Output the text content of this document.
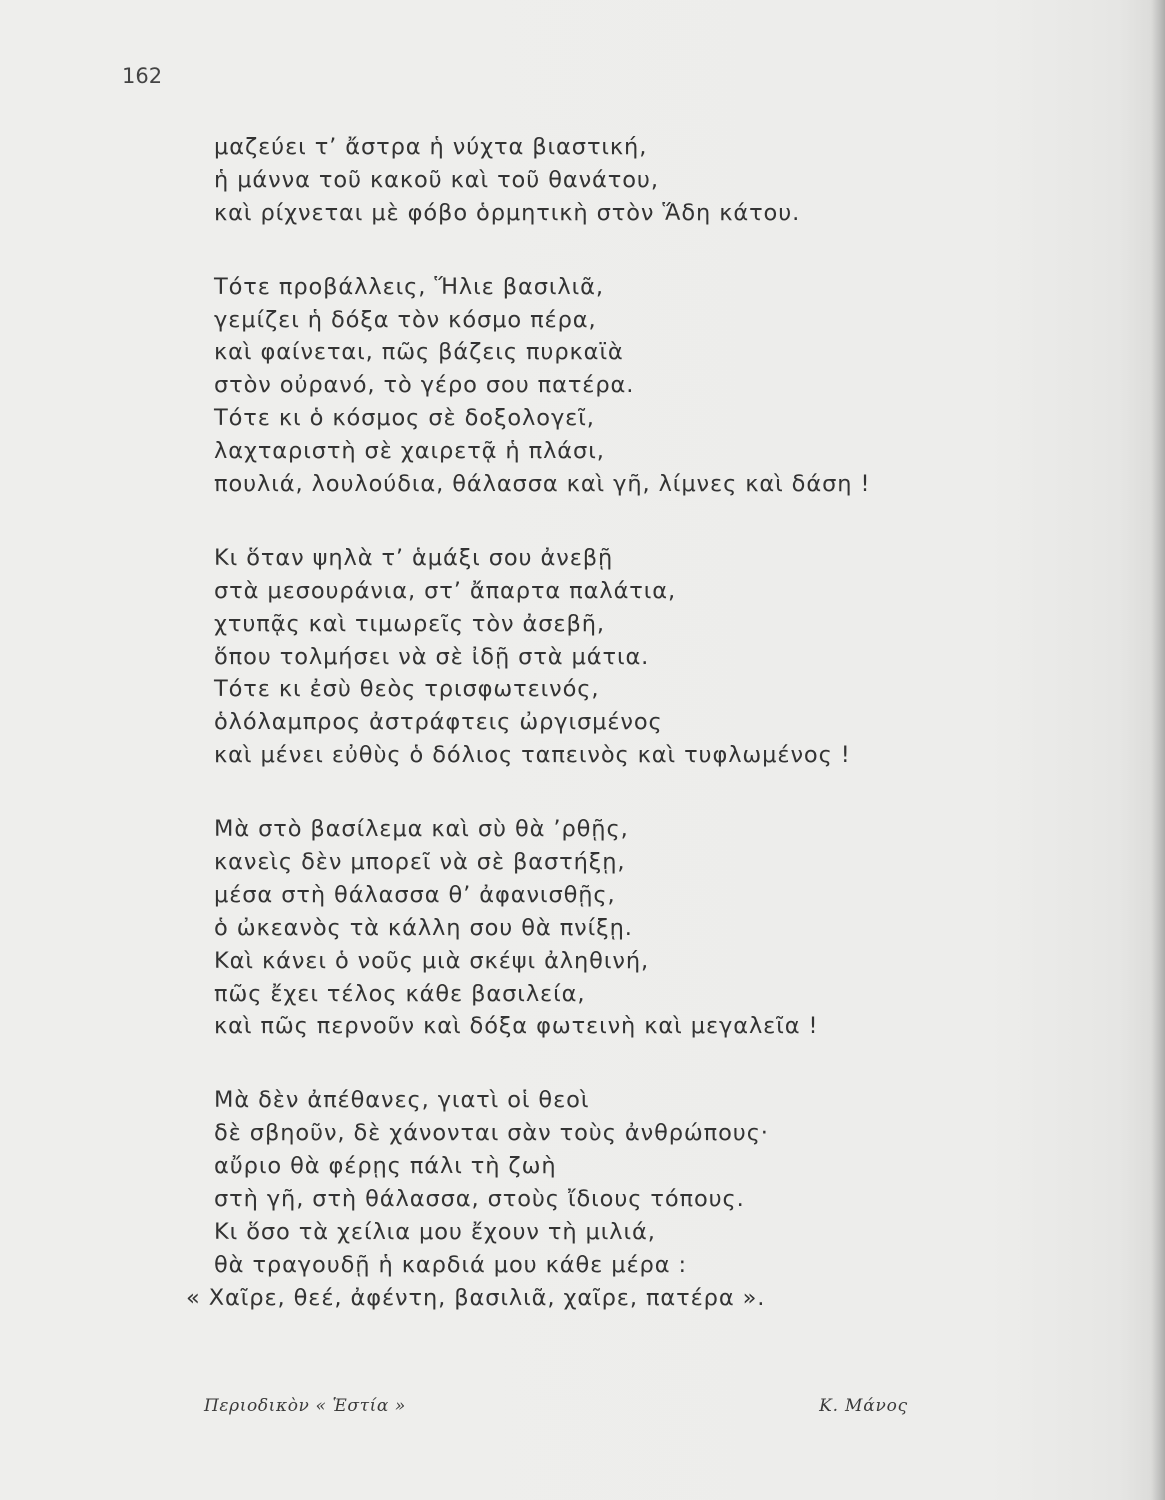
162
μαζεύει τ’ ἄστρα ἡ νύχτα βιαστική,
ἡ μάννα τοῦ κακοῦ καὶ τοῦ θανάτου,
καὶ ρίχνεται μὲ φόβο ὁρμητικὴ στὸν Ἅδη κάτου.
Τότε προβάλλεις, Ἥλιε βασιλιᾶ,
γεμίζει ἡ δόξα τὸν κόσμο πέρα,
καὶ φαίνεται, πῶς βάζεις πυρκαϊὰ
στὸν οὐρανό, τὸ γέρο σου πατέρα.
Τότε κι ὁ κόσμος σὲ δοξολογεῖ,
λαχταριστὴ σὲ χαιρετᾷ ἡ πλάσι,
πουλιά, λουλούδια, θάλασσα καὶ γῆ, λίμνες καὶ δάση !
Κι ὅταν ψηλὰ τ’ ἁμάξι σου ἀνεβῇ
στὰ μεσουράνια, στ’ ἄπαρτα παλάτια,
χτυπᾷς καὶ τιμωρεῖς τὸν ἀσεβῆ,
ὅπου τολμήσει νὰ σὲ ἰδῇ στὰ μάτια.
Τότε κι ἐσὺ θεὸς τρισφωτεινός,
ὁλόλαμπρος ἀστράφτεις ὠργισμένος
καὶ μένει εὐθὺς ὁ δόλιος ταπεινὸς καὶ τυφλωμένος !
Μὰ στὸ βασίλεμα καὶ σὺ θὰ ’ρθῇς,
κανεὶς δὲν μπορεῖ νὰ σὲ βαστήξῃ,
μέσα στὴ θάλασσα θ’ ἀφανισθῇς,
ὁ ὠκεανὸς τὰ κάλλη σου θὰ πνίξῃ.
Καὶ κάνει ὁ νοῦς μιὰ σκέψι ἀληθινή,
πῶς ἔχει τέλος κάθε βασιλεία,
καὶ πῶς περνοῦν καὶ δόξα φωτεινὴ καὶ μεγαλεῖα !
Μὰ δὲν ἀπέθανες, γιατὶ οἱ θεοὶ
δὲ σβηοῦν, δὲ χάνονται σὰν τοὺς ἀνθρώπους·
αὔριο θὰ φέρῃς πάλι τὴ ζωὴ
στὴ γῆ, στὴ θάλασσα, στοὺς ἴδιους τόπους.
Κι ὅσο τὰ χείλια μου ἔχουν τὴ μιλιά,
θὰ τραγουδῇ ἡ καρδιά μου κάθε μέρα :
« Χαῖρε, θεέ, ἀφέντη, βασιλιᾶ, χαῖρε, πατέρα ».
Περιοδικὸν « Ἑστία »	Κ. Μάνος
